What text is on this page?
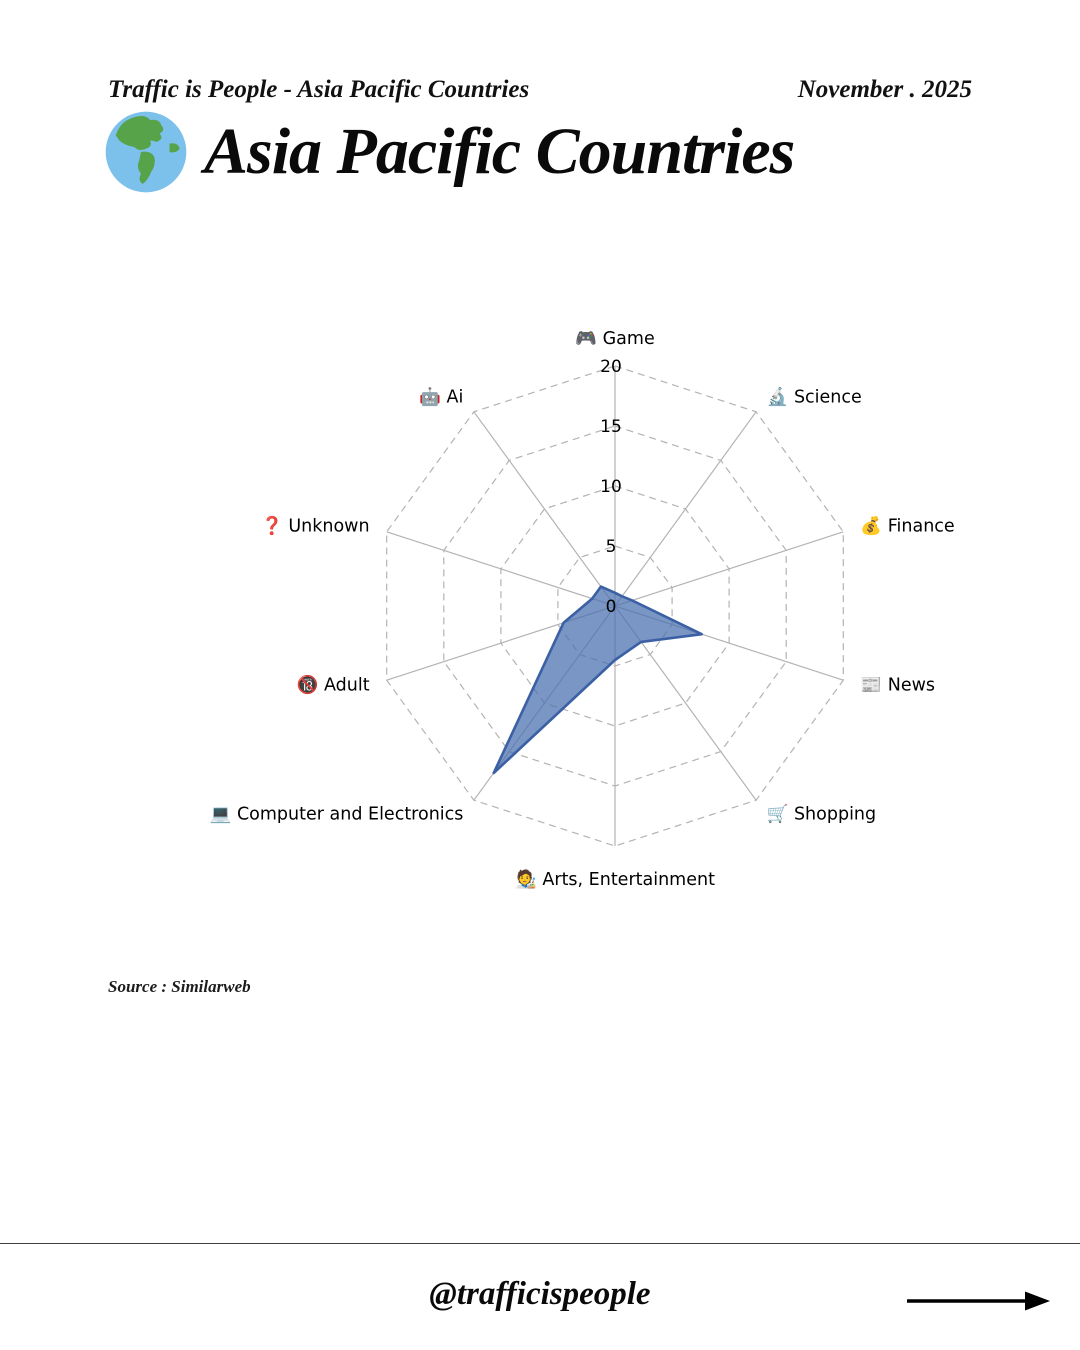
Traffic is People - Asia Pacific Countries	November . 2025
Asia Pacific Countries
0
5
10
15
20
🎮 Game
🔬 Science
💰 Finance
📰 News
🛒 Shopping
🧑‍🎨 Arts, Entertainment
💻 Computer and Electronics
🔞 Adult
❓ Unknown
🤖 Ai
Source : Similarweb
@trafficispeople
